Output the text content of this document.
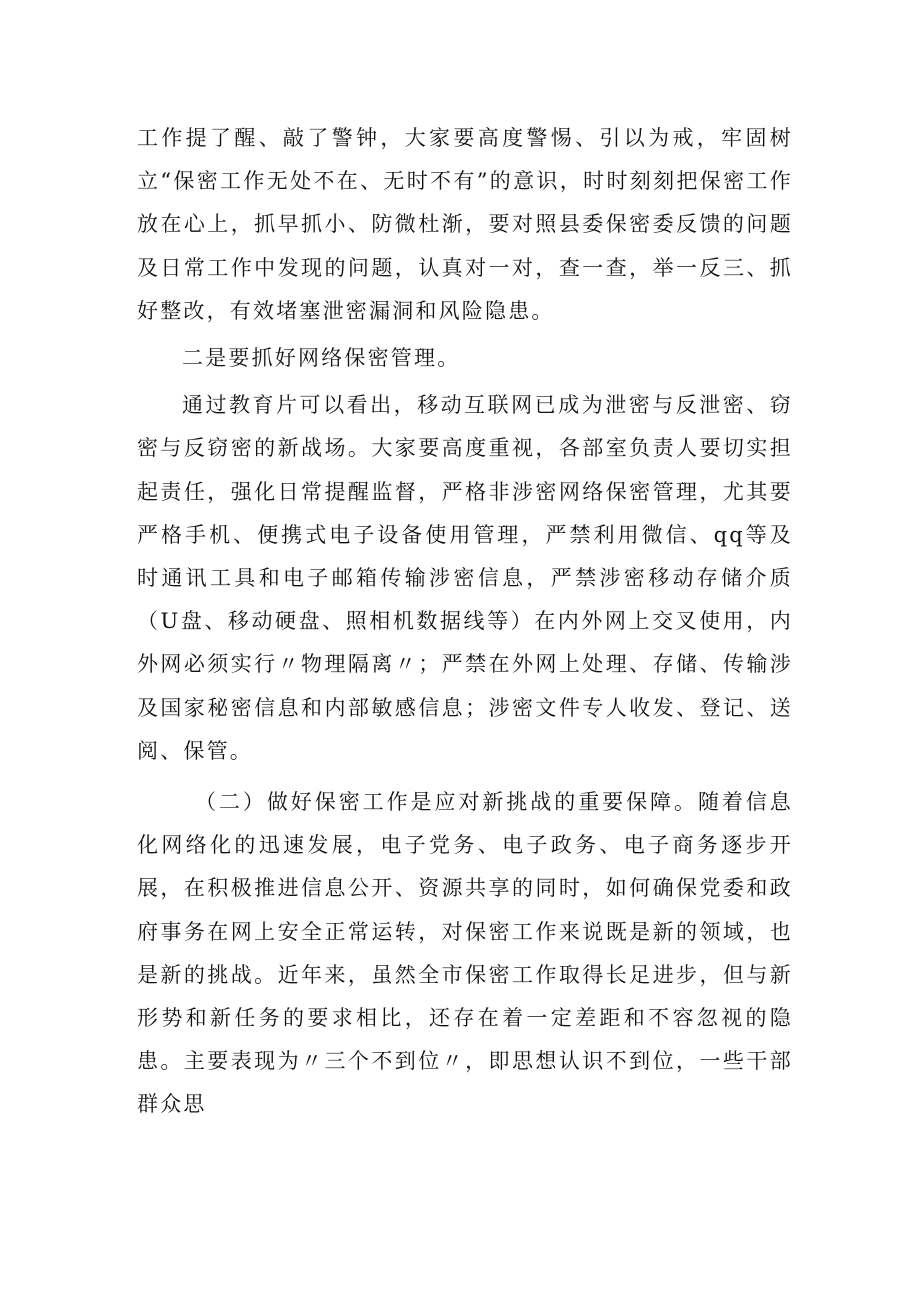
工作提了醒、敲了警钟，大家要高度警惕、引以为戒，牢固树立“保密工作无处不在、无时不有”的意识，时时刻刻把保密工作放在心上，抓早抓小、防微杜渐，要对照县委保密委反馈的问题及日常工作中发现的问题，认真对一对，查一查，举一反三、抓好整改，有效堵塞泄密漏洞和风险隐患。

二是要抓好网络保密管理。

通过教育片可以看出，移动互联网已成为泄密与反泄密、窃密与反窃密的新战场。大家要高度重视，各部室负责人要切实担起责任，强化日常提醒监督，严格非涉密网络保密管理，尤其要严格手机、便携式电子设备使用管理，严禁利用微信、qq等及时通讯工具和电子邮箱传输涉密信息，严禁涉密移动存储介质（U盘、移动硬盘、照相机数据线等）在内外网上交叉使用，内外网必须实行〃物理隔离〃；严禁在外网上处理、存储、传输涉及国家秘密信息和内部敏感信息；涉密文件专人收发、登记、送阅、保管。

（二）做好保密工作是应对新挑战的重要保障。随着信息化网络化的迅速发展，电子党务、电子政务、电子商务逐步开展，在积极推进信息公开、资源共享的同时，如何确保党委和政府事务在网上安全正常运转，对保密工作来说既是新的领域，也是新的挑战。近年来，虽然全市保密工作取得长足进步，但与新形势和新任务的要求相比，还存在着一定差距和不容忽视的隐患。主要表现为〃三个不到位〃，即思想认识不到位，一些干部群众思
